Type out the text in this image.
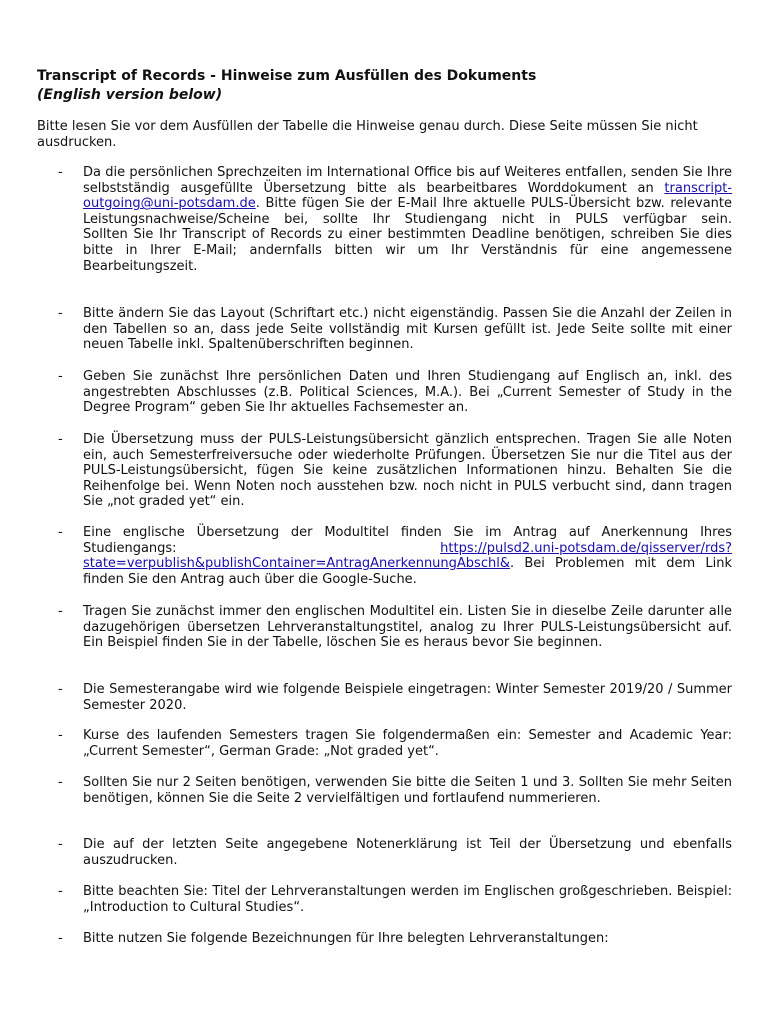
Transcript of Records - Hinweise zum Ausfüllen des Dokuments
(English version below)

Bitte lesen Sie vor dem Ausfüllen der Tabelle die Hinweise genau durch. Diese Seite müssen Sie nicht ausdrucken.

- Da die persönlichen Sprechzeiten im International Office bis auf Weiteres entfallen, senden Sie Ihre selbstständig ausgefüllte Übersetzung bitte als bearbeitbares Worddokument an transcript-outgoing@uni-potsdam.de. Bitte fügen Sie der E-Mail Ihre aktuelle PULS-Übersicht bzw. relevante Leistungsnachweise/Scheine bei, sollte Ihr Studiengang nicht in PULS verfügbar sein.

Sollten Sie Ihr Transcript of Records zu einer bestimmten Deadline benötigen, schreiben Sie dies bitte in Ihrer E-Mail; andernfalls bitten wir um Ihr Verständnis für eine angemessene Bearbeitungszeit.

- Bitte ändern Sie das Layout (Schriftart etc.) nicht eigenständig. Passen Sie die Anzahl der Zeilen in den Tabellen so an, dass jede Seite vollständig mit Kursen gefüllt ist. Jede Seite sollte mit einer neuen Tabelle inkl. Spaltenüberschriften beginnen.
- Geben Sie zunächst Ihre persönlichen Daten und Ihren Studiengang auf Englisch an, inkl. des angestrebten Abschlusses (z.B. Political Sciences, M.A.). Bei „Current Semester of Study in the Degree Program“ geben Sie Ihr aktuelles Fachsemester an.
- Die Übersetzung muss der PULS-Leistungsübersicht gänzlich entsprechen. Tragen Sie alle Noten ein, auch Semesterfreiversuche oder wiederholte Prüfungen. Übersetzen Sie nur die Titel aus der PULS-Leistungsübersicht, fügen Sie keine zusätzlichen Informationen hinzu. Behalten Sie die Reihenfolge bei. Wenn Noten noch ausstehen bzw. noch nicht in PULS verbucht sind, dann tragen Sie „not graded yet“ ein.
- Eine englische Übersetzung der Modultitel finden Sie im Antrag auf Anerkennung Ihres Studiengangs: https://pulsd2.uni-potsdam.de/qisserver/rds? state=verpublish&publishContainer=AntragAnerkennungAbschl&. Bei Problemen mit dem Link finden Sie den Antrag auch über die Google-Suche.
- Tragen Sie zunächst immer den englischen Modultitel ein. Listen Sie in dieselbe Zeile darunter alle dazugehörigen übersetzen Lehrveranstaltungstitel, analog zu Ihrer PULS-Leistungsübersicht auf. Ein Beispiel finden Sie in der Tabelle, löschen Sie es heraus bevor Sie beginnen.
- Die Semesterangabe wird wie folgende Beispiele eingetragen: Winter Semester 2019/20 / Summer Semester 2020.
- Kurse des laufenden Semesters tragen Sie folgendermaßen ein: Semester and Academic Year: „Current Semester“, German Grade: „Not graded yet“.
- Sollten Sie nur 2 Seiten benötigen, verwenden Sie bitte die Seiten 1 und 3. Sollten Sie mehr Seiten benötigen, können Sie die Seite 2 vervielfältigen und fortlaufend nummerieren.
- Die auf der letzten Seite angegebene Notenerklärung ist Teil der Übersetzung und ebenfalls auszudrucken.
- Bitte beachten Sie: Titel der Lehrveranstaltungen werden im Englischen großgeschrieben. Beispiel: „Introduction to Cultural Studies“.
- Bitte nutzen Sie folgende Bezeichnungen für Ihre belegten Lehrveranstaltungen:
